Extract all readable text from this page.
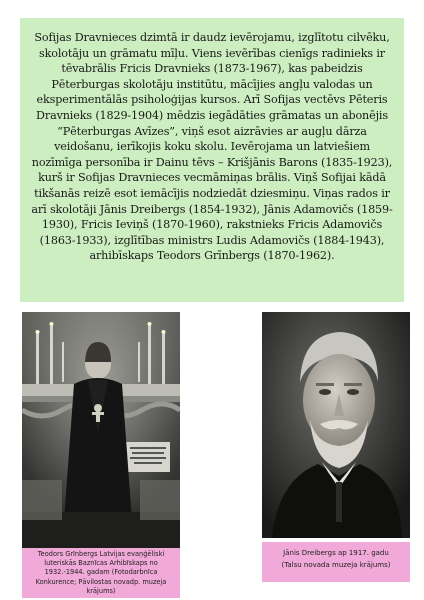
Sofijas Dravnieces dzimtā ir daudz ievērojamu, izglītotu cilvēku, skolotāju un grāmatu mīļu. Viens ievērības cienīgs radinieks ir tēvabrālis Fricis Dravnieks (1873-1967), kas pabeidzis Pēterburgas skolotāju institūtu, mācījies angļu valodas un eksperimentālās psiholoģijas kursos. Arī Sofijas vectēvs Pēteris Dravnieks (1829-1904) mēdzis iegādāties grāmatas un abonējis “Pēterburgas Avīzes”, viņš esot aizrāvies ar augļu dārza veidošanu, ierīkojis koku skolu. Ievērojama un latviešiem nozīmīga personība ir Dainu tēvs – Krišjānis Barons (1835-1923), kurš ir Sofijas Dravnieces vecmāmiņas brālis. Viņš Sofijai kādā tikšanās reizē esot iemācījis nodziedāt dziesmiņu. Viņas rados ir arī skolotāji Jānis Dreibergs (1854-1932), Jānis Adamovičs (1859-1930), Fricis Ieviņš (1870-1960), rakstnieks Fricis Adamovičs (1863-1933), izglītības ministrs Ludis Adamovičs (1884-1943), arhibīskaps Teodors Grīnbergs (1870-1962).

Teodors Grīnbergs Latvijas evaņģēliski luteriskās Baznīcas Arhibīskaps no 1932.-1944. gadam (Fotodarbnīca Konkurence; Pāvilostas novadp. muzeja krājums)
Jānis Dreibergs ap 1917. gadu
(Talsu novada muzeja krājums)
